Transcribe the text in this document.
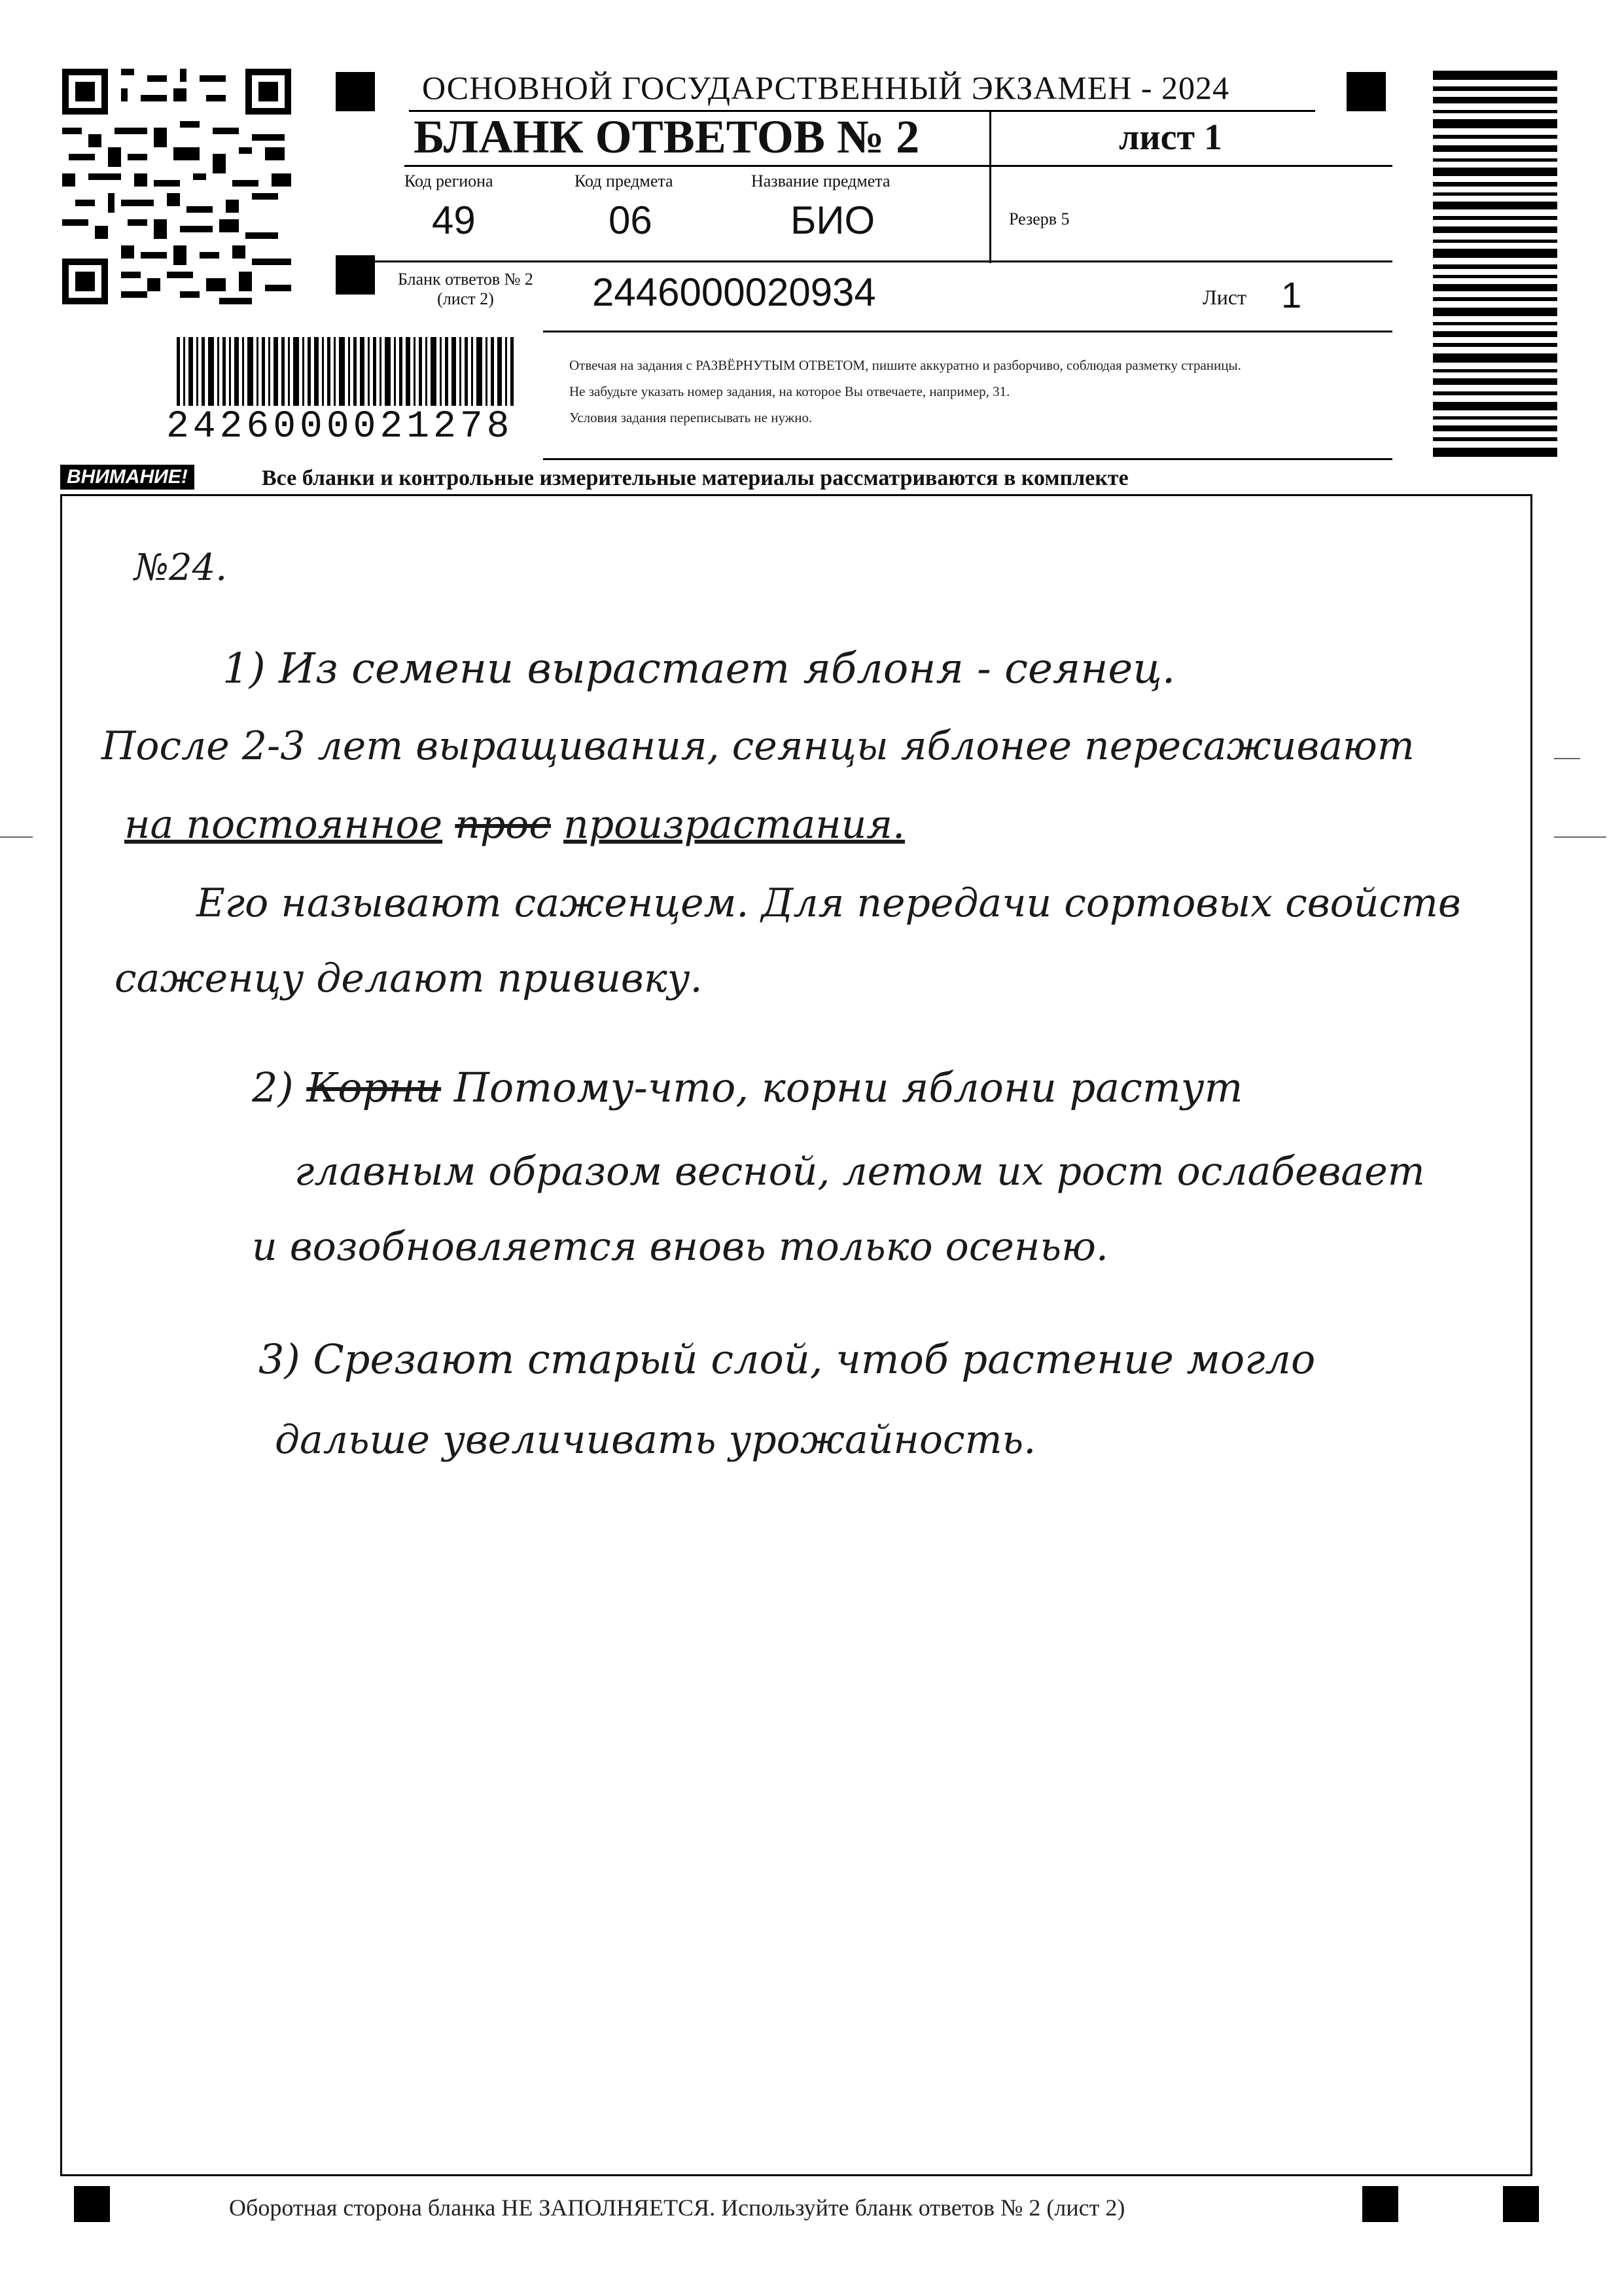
ОСНОВНОЙ ГОСУДАРСТВЕННЫЙ ЭКЗАМЕН - 2024
БЛАНК ОТВЕТОВ № 2	лист 1
Код региона
49
Код предмета
06
Название предмета
БИО	Резерв 5
Бланк ответов № 2
(лист 2)	2446000020934	Лист 1
2426000021278
Отвечая на задания с РАЗВЁРНУТЫМ ОТВЕТОМ, пишите аккуратно и разборчиво, соблюдая разметку страницы.
Не забудьте указать номер задания, на которое Вы отвечаете, например, 31.
Условия задания переписывать не нужно.
ВНИМАНИЕ!	Все бланки и контрольные измерительные материалы рассматриваются в комплекте
№24.
1) Из семени вырастает яблоня - сеянец.
После 2-3 лет выращивания, сеянцы яблонее пересаживают
на постоянное прос произрастания.
Его называют саженцем. Для передачи сортовых свойств
саженцу делают прививку.
2) Корни Потому-что, корни яблони растут
главным образом весной, летом их рост ослабевает
и возобновляется вновь только осенью.
3) Срезают старый слой, чтоб растение могло
дальше увеличивать урожайность.
Оборотная сторона бланка НЕ ЗАПОЛНЯЕТСЯ. Используйте бланк ответов № 2 (лист 2)
